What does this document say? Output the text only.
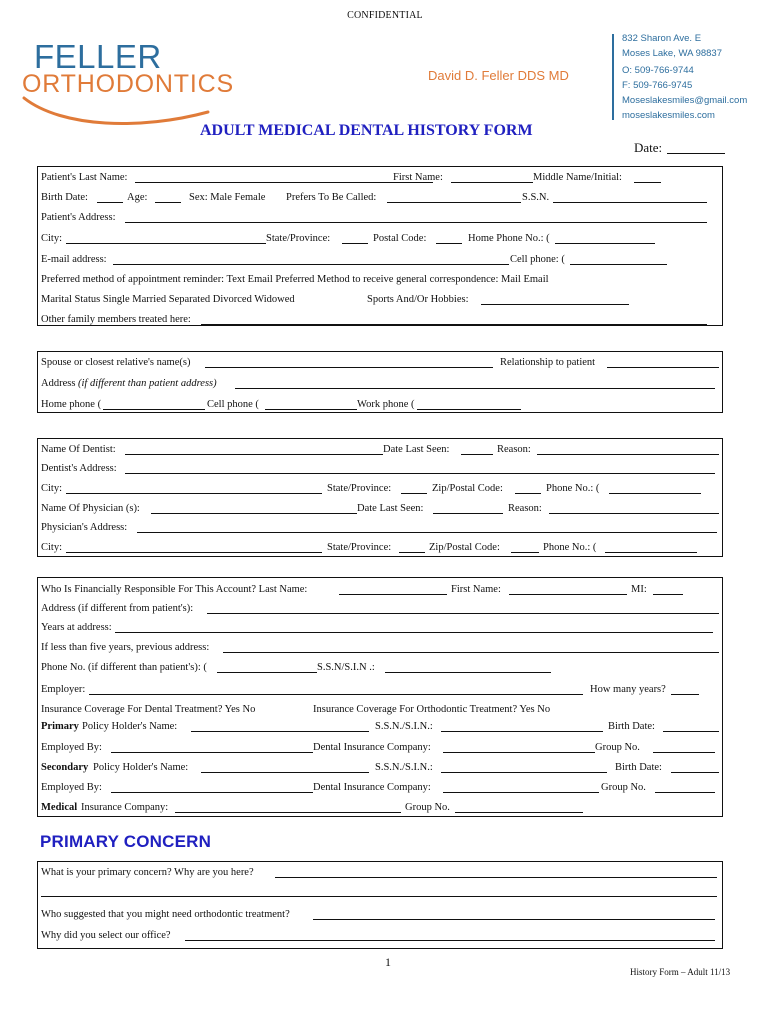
CONFIDENTIAL
FELLER
ORTHODONTICS	David D. Feller DDS MD
832 Sharon Ave. E
Moses Lake, WA 98837
O: 509-766-9744
F: 509-766-9745
Moseslakesmiles@gmail.com
moseslakesmiles.com
ADULT MEDICAL DENTAL HISTORY FORM
Date:
Patient's Last Name:	First Name:	Middle Name/Initial:
Birth Date:	Age:	Sex: Male Female Prefers To Be Called:	S.S.N.
Patient's Address:
City:	State/Province:	Postal Code:	Home Phone No.: (
E-mail address:	Cell phone: (
Preferred method of appointment reminder: Text Email Preferred Method to receive general correspondence: Mail Email
Marital Status Single Married Separated Divorced Widowed	Sports And/Or Hobbies:
Other family members treated here:
Spouse or closest relative's name(s)	Relationship to patient
Address (if different than patient address)
Home phone (	Cell phone (	Work phone (
Name Of Dentist:	Date Last Seen:	Reason:
Dentist's Address:
City:	State/Province:	Zip/Postal Code:	Phone No.: (
Name Of Physician (s):	Date Last Seen:	Reason:
Physician's Address:
City:	State/Province:	Zip/Postal Code:	Phone No.: (
Who Is Financially Responsible For This Account? Last Name:	First Name:	MI:
Address (if different from patient's):
Years at address:
If less than five years, previous address:
Phone No. (if different than patient's): (	S.S.N/S.I.N .:
Employer:	How many years?
Insurance Coverage For Dental Treatment? Yes No	Insurance Coverage For Orthodontic Treatment? Yes No
Primary Policy Holder's Name:	S.S.N./S.I.N.:	Birth Date:
Employed By:	Dental Insurance Company:	Group No.
Secondary Policy Holder's Name:	S.S.N./S.I.N.:	Birth Date:
Employed By:	Dental Insurance Company:	Group No.
Medical Insurance Company:	Group No.
PRIMARY CONCERN
What is your primary concern? Why are you here?
Who suggested that you might need orthodontic treatment?
Why did you select our office?
1
History Form – Adult 11/13
